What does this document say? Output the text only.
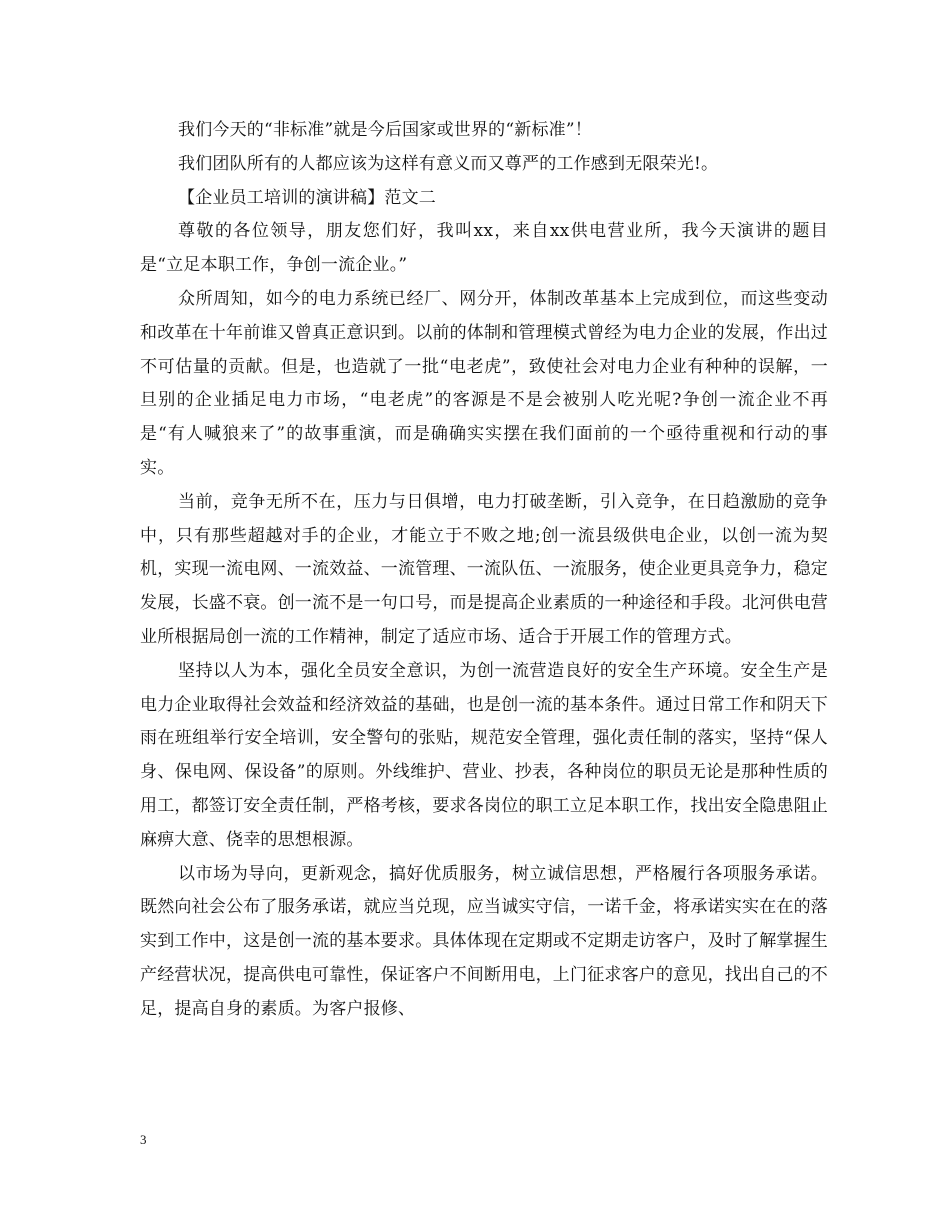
我们今天的“非标准”就是今后国家或世界的“新标准”！

我们团队所有的人都应该为这样有意义而又尊严的工作感到无限荣光!。

【企业员工培训的演讲稿】范文二

尊敬的各位领导，朋友您们好，我叫xx，来自xx供电营业所，我今天演讲的题目是“立足本职工作，争创一流企业。”

众所周知，如今的电力系统已经厂、网分开，体制改革基本上完成到位，而这些变动和改革在十年前谁又曾真正意识到。以前的体制和管理模式曾经为电力企业的发展，作出过不可估量的贡献。但是，也造就了一批“电老虎”，致使社会对电力企业有种种的误解，一旦别的企业插足电力市场，“电老虎”的客源是不是会被别人吃光呢?争创一流企业不再是“有人喊狼来了”的故事重演，而是确确实实摆在我们面前的一个亟待重视和行动的事实。

当前，竞争无所不在，压力与日俱增，电力打破垄断，引入竞争，在日趋激励的竞争中，只有那些超越对手的企业，才能立于不败之地;创一流县级供电企业，以创一流为契机，实现一流电网、一流效益、一流管理、一流队伍、一流服务，使企业更具竞争力，稳定发展，长盛不衰。创一流不是一句口号，而是提高企业素质的一种途径和手段。北河供电营业所根据局创一流的工作精神，制定了适应市场、适合于开展工作的管理方式。

坚持以人为本，强化全员安全意识，为创一流营造良好的安全生产环境。安全生产是电力企业取得社会效益和经济效益的基础，也是创一流的基本条件。通过日常工作和阴天下雨在班组举行安全培训，安全警句的张贴，规范安全管理，强化责任制的落实，坚持“保人身、保电网、保设备”的原则。外线维护、营业、抄表，各种岗位的职员无论是那种性质的用工，都签订安全责任制，严格考核，要求各岗位的职工立足本职工作，找出安全隐患阻止麻痹大意、侥幸的思想根源。

以市场为导向，更新观念，搞好优质服务，树立诚信思想，严格履行各项服务承诺。既然向社会公布了服务承诺，就应当兑现，应当诚实守信，一诺千金，将承诺实实在在的落实到工作中，这是创一流的基本要求。具体体现在定期或不定期走访客户，及时了解掌握生产经营状况，提高供电可靠性，保证客户不间断用电，上门征求客户的意见，找出自己的不足，提高自身的素质。为客户报修、

3
